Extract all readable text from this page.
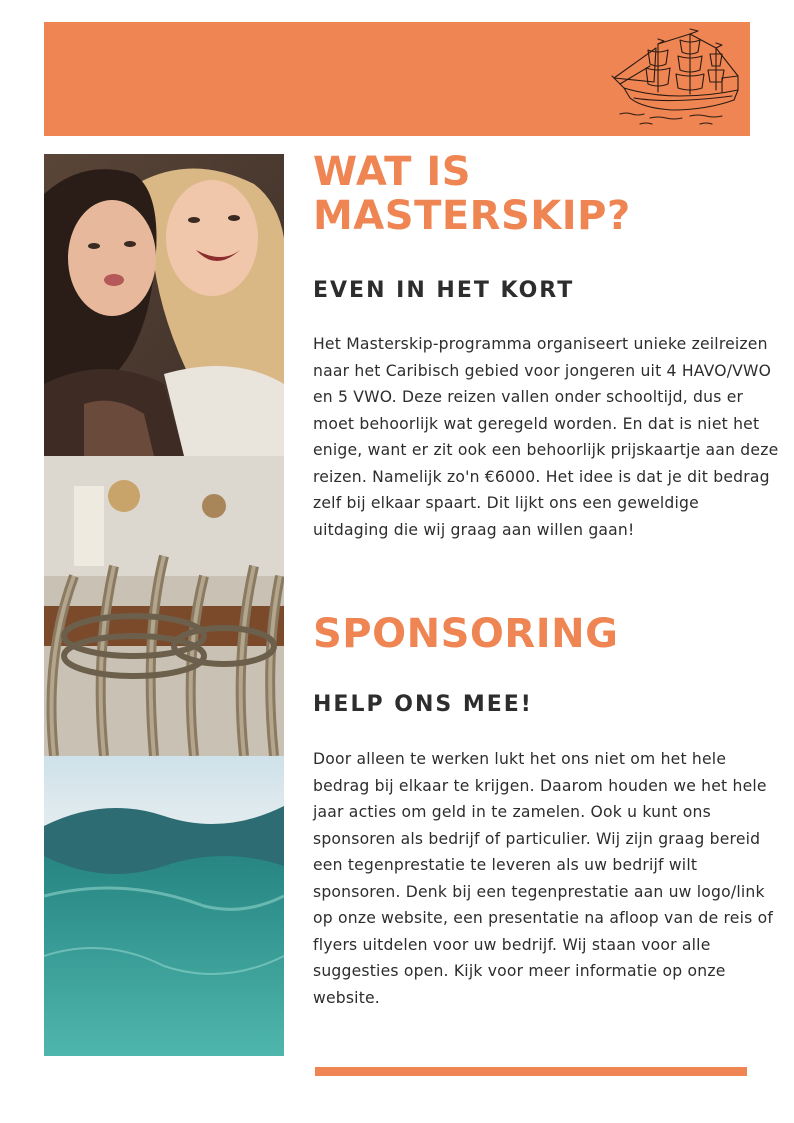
WAT IS MASTERSKIP?
EVEN IN HET KORT

Het Masterskip-programma organiseert unieke zeilreizen naar het Caribisch gebied voor jongeren uit 4 HAVO/VWO en 5 VWO. Deze reizen vallen onder schooltijd, dus er moet behoorlijk wat geregeld worden. En dat is niet het enige, want er zit ook een behoorlijk prijskaartje aan deze reizen. Namelijk zo'n €6000. Het idee is dat je dit bedrag zelf bij elkaar spaart. Dit lijkt ons een geweldige uitdaging die wij graag aan willen gaan!

SPONSORING
HELP ONS MEE!

Door alleen te werken lukt het ons niet om het hele bedrag bij elkaar te krijgen. Daarom houden we het hele jaar acties om geld in te zamelen. Ook u kunt ons sponsoren als bedrijf of particulier. Wij zijn graag bereid een tegenprestatie te leveren als uw bedrijf wilt sponsoren. Denk bij een tegenprestatie aan uw logo/link op onze website, een presentatie na afloop van de reis of flyers uitdelen voor uw bedrijf. Wij staan voor alle suggesties open. Kijk voor meer informatie op onze website.
